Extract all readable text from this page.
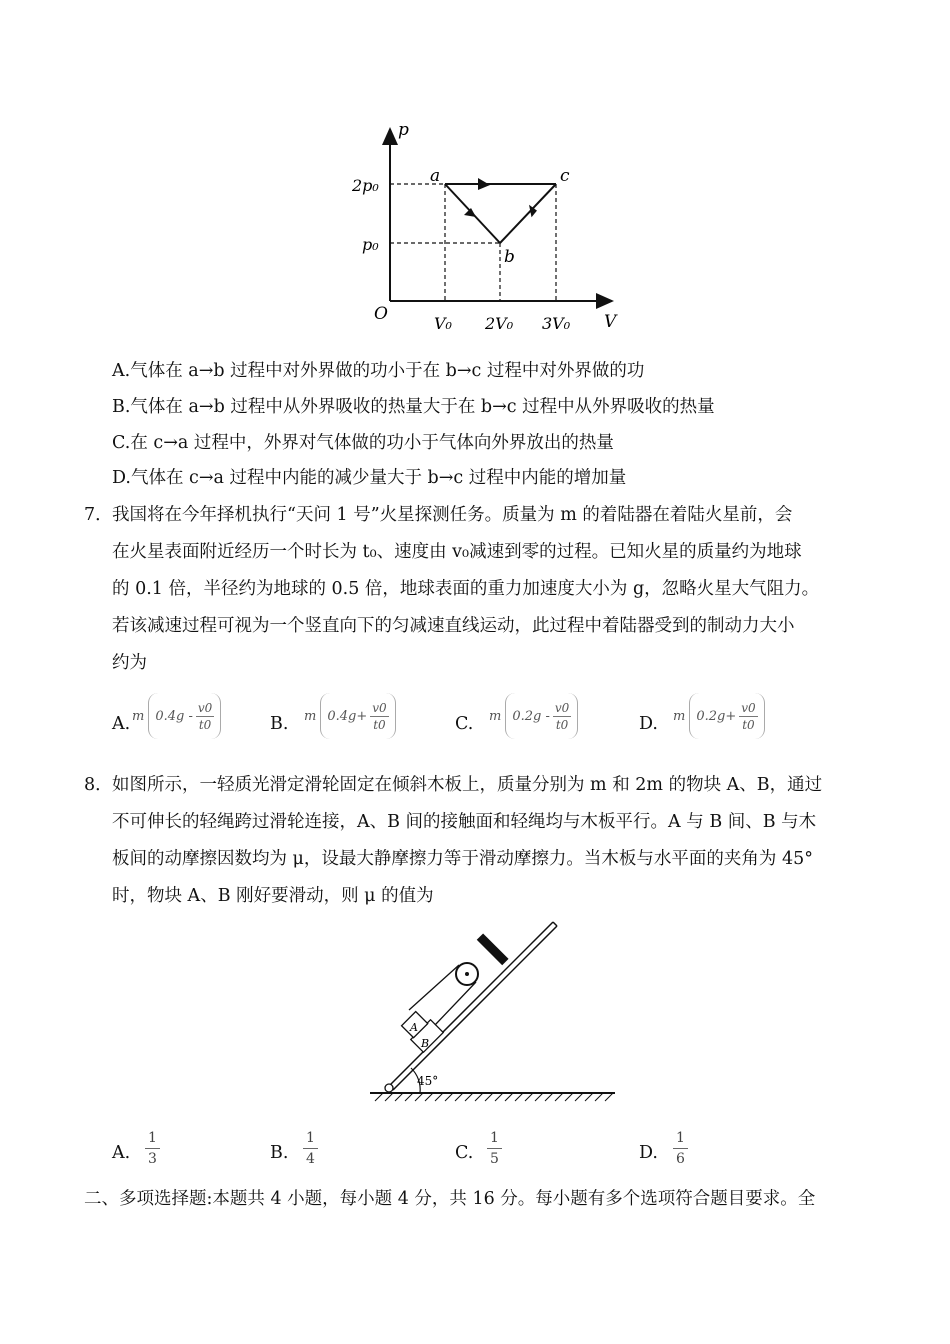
p
V
O
2p₀
p₀
V₀ 2V₀ 3V₀
a
b
c
A.气体在 a→b 过程中对外界做的功小于在 b→c 过程中对外界做的功
B.气体在 a→b 过程中从外界吸收的热量大于在 b→c 过程中从外界吸收的热量
C.在 c→a 过程中，外界对气体做的功小于气体向外界放出的热量
D.气体在 c→a 过程中内能的减少量大于 b→c 过程中内能的增加量
7． 我国将在今年择机执行“天问 1 号”火星探测任务。质量为 m 的着陆器在着陆火星前，会
在火星表面附近经历一个时长为 t₀、速度由 v₀减速到零的过程。已知火星的质量约为地球
的 0.1 倍，半径约为地球的 0.5 倍，地球表面的重力加速度大小为 g，忽略火星大气阻力。
若该减速过程可视为一个竖直向下的匀减速直线运动，此过程中着陆器受到的制动力大小
约为
A. m $0.4g - \frac{v0}{t0}$	B. m $0.4g+ \frac{v0}{t0}$	C. m $0.2g - \frac{v0}{t0}$	D. m $0.2g+ \frac{v0}{t0}$
8． 如图所示，一轻质光滑定滑轮固定在倾斜木板上，质量分别为 m 和 2m 的物块 A、B，通过
不可伸长的轻绳跨过滑轮连接，A、B 间的接触面和轻绳均与木板平行。A 与 B 间、B 与木
板间的动摩擦因数均为 μ，设最大静摩擦力等于滑动摩擦力。当木板与水平面的夹角为 45°
时，物块 A、B 刚好要滑动，则 μ 的值为
45°
A
B
A. $\frac{1}{3}$	B. $\frac{1}{4}$	C. $\frac{1}{5}$	D. $\frac{1}{6}$
二、多项选择题:本题共 4 小题，每小题 4 分，共 16 分。每小题有多个选项符合题目要求。全
